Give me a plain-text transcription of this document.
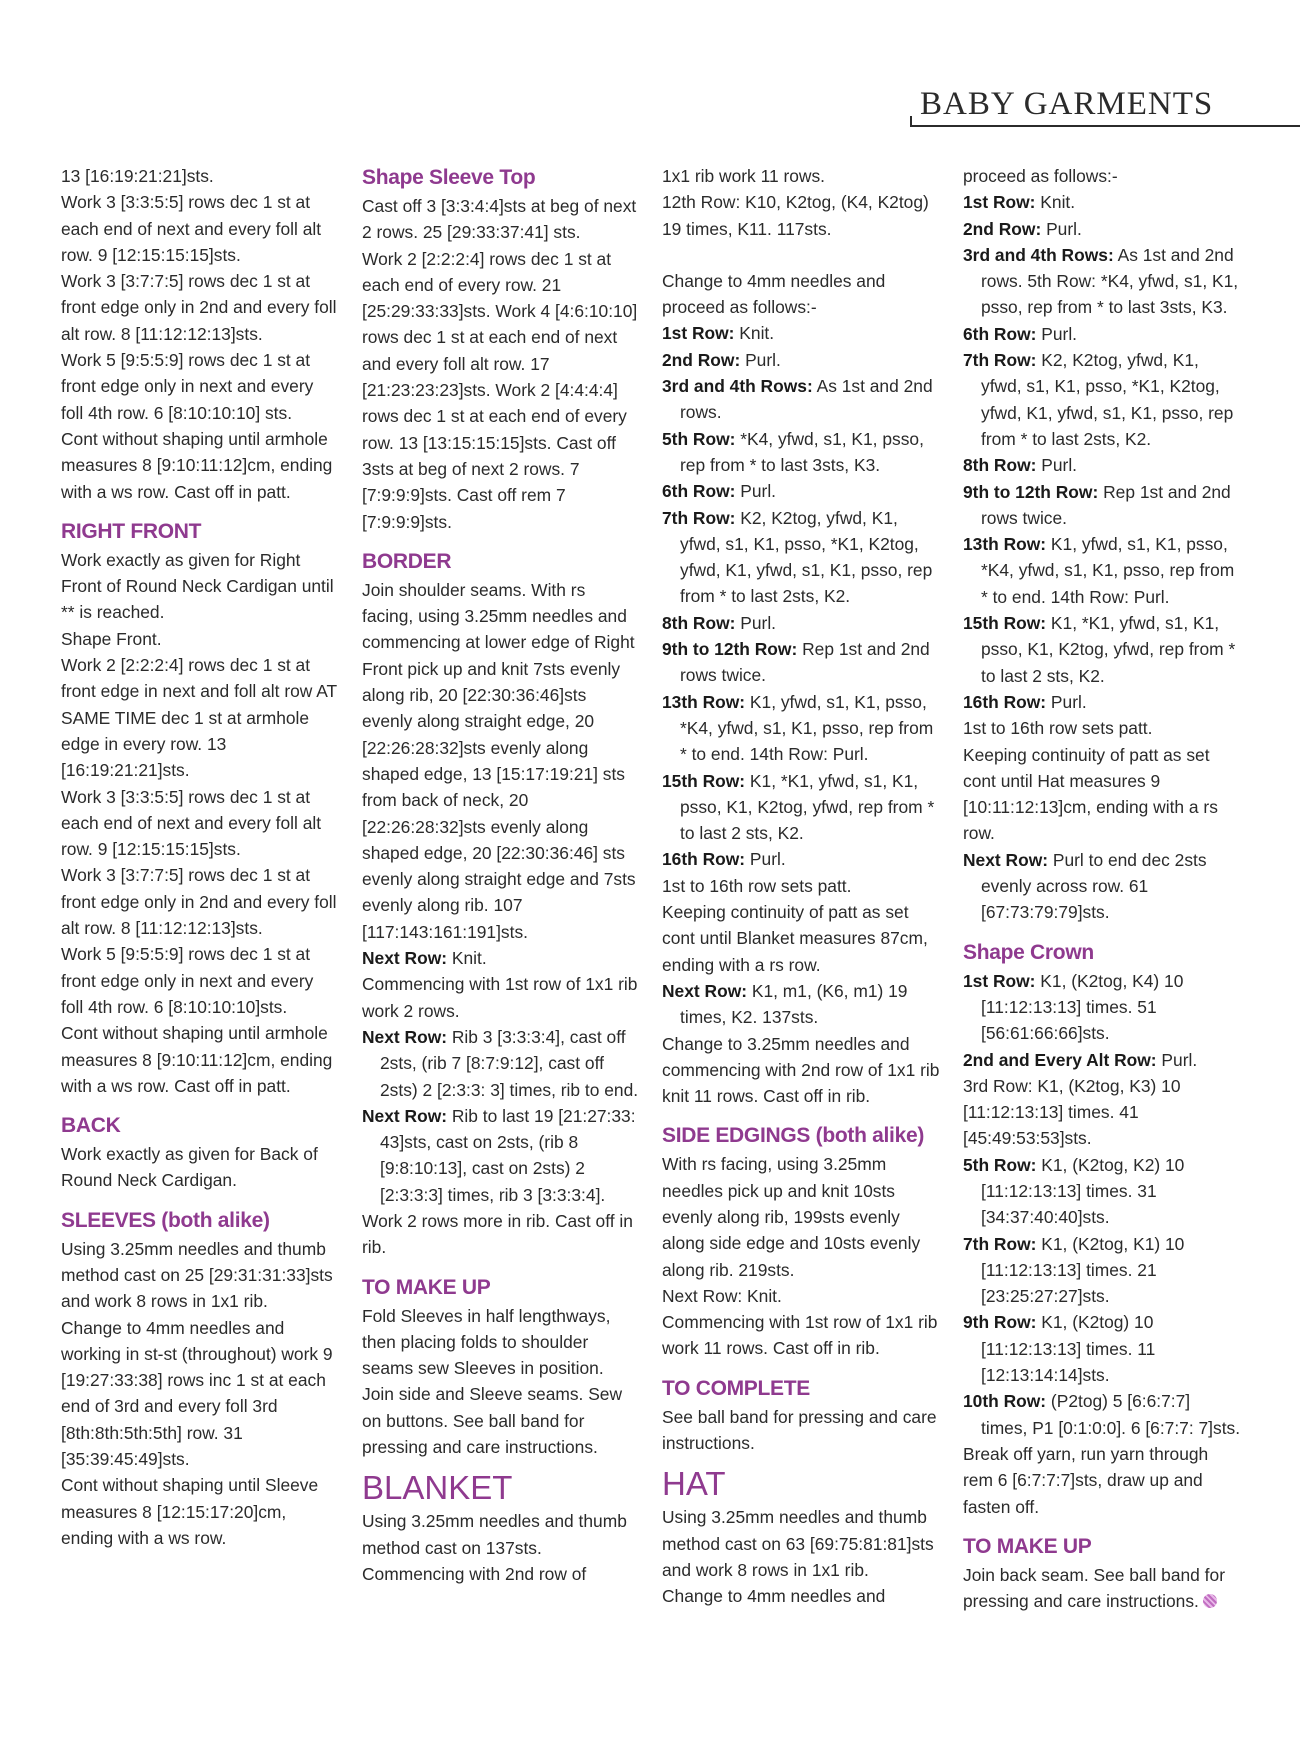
BABY GARMENTS

13 [16:19:21:21]sts.

Work 3 [3:3:5:5] rows dec 1 st at each end of next and every foll alt row. 9 [12:15:15:15]sts.

Work 3 [3:7:7:5] rows dec 1 st at front edge only in 2nd and every foll alt row. 8 [11:12:12:13]sts.

Work 5 [9:5:5:9] rows dec 1 st at front edge only in next and every foll 4th row. 6 [8:10:10:10] sts.

Cont without shaping until armhole measures 8 [9:10:11:12]cm, ending with a ws row. Cast off in patt.

RIGHT FRONT

Work exactly as given for Right Front of Round Neck Cardigan until ** is reached.

Shape Front.

Work 2 [2:2:2:4] rows dec 1 st at front edge in next and foll alt row AT SAME TIME dec 1 st at armhole edge in every row. 13 [16:19:21:21]sts.

Work 3 [3:3:5:5] rows dec 1 st at each end of next and every foll alt row. 9 [12:15:15:15]sts.

Work 3 [3:7:7:5] rows dec 1 st at front edge only in 2nd and every foll alt row. 8 [11:12:12:13]sts.

Work 5 [9:5:5:9] rows dec 1 st at front edge only in next and every foll 4th row. 6 [8:10:10:10]sts.

Cont without shaping until armhole measures 8 [9:10:11:12]cm, ending with a ws row. Cast off in patt.

BACK

Work exactly as given for Back of Round Neck Cardigan.

SLEEVES (both alike)

Using 3.25mm needles and thumb method cast on 25 [29:31:31:33]sts and work 8 rows in 1x1 rib.

Change to 4mm needles and working in st-st (throughout) work 9 [19:27:33:38] rows inc 1 st at each end of 3rd and every foll 3rd [8th:8th:5th:5th] row. 31 [35:39:45:49]sts.

Cont without shaping until Sleeve measures 8 [12:15:17:20]cm, ending with a ws row.

Shape Sleeve Top

Cast off 3 [3:3:4:4]sts at beg of next 2 rows. 25 [29:33:37:41] sts.

Work 2 [2:2:2:4] rows dec 1 st at each end of every row. 21 [25:29:33:33]sts. Work 4 [4:6:10:10] rows dec 1 st at each end of next and every foll alt row. 17 [21:23:23:23]sts. Work 2 [4:4:4:4] rows dec 1 st at each end of every row. 13 [13:15:15:15]sts. Cast off 3sts at beg of next 2 rows. 7 [7:9:9:9]sts. Cast off rem 7 [7:9:9:9]sts.

BORDER

Join shoulder seams. With rs facing, using 3.25mm needles and commencing at lower edge of Right Front pick up and knit 7sts evenly along rib, 20 [22:30:36:46]sts evenly along straight edge, 20 [22:26:28:32]sts evenly along shaped edge, 13 [15:17:19:21] sts from back of neck, 20 [22:26:28:32]sts evenly along shaped edge, 20 [22:30:36:46] sts evenly along straight edge and 7sts evenly along rib. 107 [117:143:161:191]sts.

Next Row: Knit.

Commencing with 1st row of 1x1 rib work 2 rows.

Next Row: Rib 3 [3:3:3:4], cast off 2sts, (rib 7 [8:7:9:12], cast off 2sts) 2 [2:3:3: 3] times, rib to end.

Next Row: Rib to last 19 [21:27:33: 43]sts, cast on 2sts, (rib 8 [9:8:10:13], cast on 2sts) 2 [2:3:3:3] times, rib 3 [3:3:3:4].

Work 2 rows more in rib. Cast off in rib.

TO MAKE UP

Fold Sleeves in half lengthways, then placing folds to shoulder seams sew Sleeves in position. Join side and Sleeve seams. Sew on buttons. See ball band for pressing and care instructions.

BLANKET

Using 3.25mm needles and thumb method cast on 137sts. Commencing with 2nd row of

1x1 rib work 11 rows.

12th Row: K10, K2tog, (K4, K2tog) 19 times, K11. 117sts.

Change to 4mm needles and proceed as follows:-

1st Row: Knit.

2nd Row: Purl.

3rd and 4th Rows: As 1st and 2nd rows.

5th Row: *K4, yfwd, s1, K1, psso, rep from * to last 3sts, K3.

6th Row: Purl.

7th Row: K2, K2tog, yfwd, K1, yfwd, s1, K1, psso, *K1, K2tog, yfwd, K1, yfwd, s1, K1, psso, rep from * to last 2sts, K2.

8th Row: Purl.

9th to 12th Row: Rep 1st and 2nd rows twice.

13th Row: K1, yfwd, s1, K1, psso, *K4, yfwd, s1, K1, psso, rep from * to end. 14th Row: Purl.

15th Row: K1, *K1, yfwd, s1, K1, psso, K1, K2tog, yfwd, rep from * to last 2 sts, K2.

16th Row: Purl.

1st to 16th row sets patt.

Keeping continuity of patt as set cont until Blanket measures 87cm, ending with a rs row.

Next Row: K1, m1, (K6, m1) 19 times, K2. 137sts.

Change to 3.25mm needles and commencing with 2nd row of 1x1 rib knit 11 rows. Cast off in rib.

SIDE EDGINGS (both alike)

With rs facing, using 3.25mm needles pick up and knit 10sts evenly along rib, 199sts evenly along side edge and 10sts evenly along rib. 219sts.

Next Row: Knit.

Commencing with 1st row of 1x1 rib work 11 rows. Cast off in rib.

TO COMPLETE

See ball band for pressing and care instructions.

HAT

Using 3.25mm needles and thumb method cast on 63 [69:75:81:81]sts and work 8 rows in 1x1 rib.

Change to 4mm needles and

proceed as follows:-

1st Row: Knit.

2nd Row: Purl.

3rd and 4th Rows: As 1st and 2nd rows. 5th Row: *K4, yfwd, s1, K1, psso, rep from * to last 3sts, K3.

6th Row: Purl.

7th Row: K2, K2tog, yfwd, K1, yfwd, s1, K1, psso, *K1, K2tog, yfwd, K1, yfwd, s1, K1, psso, rep from * to last 2sts, K2.

8th Row: Purl.

9th to 12th Row: Rep 1st and 2nd rows twice.

13th Row: K1, yfwd, s1, K1, psso, *K4, yfwd, s1, K1, psso, rep from * to end. 14th Row: Purl.

15th Row: K1, *K1, yfwd, s1, K1, psso, K1, K2tog, yfwd, rep from * to last 2 sts, K2.

16th Row: Purl.

1st to 16th row sets patt.

Keeping continuity of patt as set cont until Hat measures 9 [10:11:12:13]cm, ending with a rs row.

Next Row: Purl to end dec 2sts evenly across row. 61 [67:73:79:79]sts.

Shape Crown

1st Row: K1, (K2tog, K4) 10 [11:12:13:13] times. 51 [56:61:66:66]sts.

2nd and Every Alt Row: Purl.

3rd Row: K1, (K2tog, K3) 10 [11:12:13:13] times. 41 [45:49:53:53]sts.

5th Row: K1, (K2tog, K2) 10 [11:12:13:13] times. 31 [34:37:40:40]sts.

7th Row: K1, (K2tog, K1) 10 [11:12:13:13] times. 21 [23:25:27:27]sts.

9th Row: K1, (K2tog) 10 [11:12:13:13] times. 11 [12:13:14:14]sts.

10th Row: (P2tog) 5 [6:6:7:7] times, P1 [0:1:0:0]. 6 [6:7:7: 7]sts.

Break off yarn, run yarn through rem 6 [6:7:7:7]sts, draw up and fasten off.

TO MAKE UP

Join back seam. See ball band for pressing and care instructions.
